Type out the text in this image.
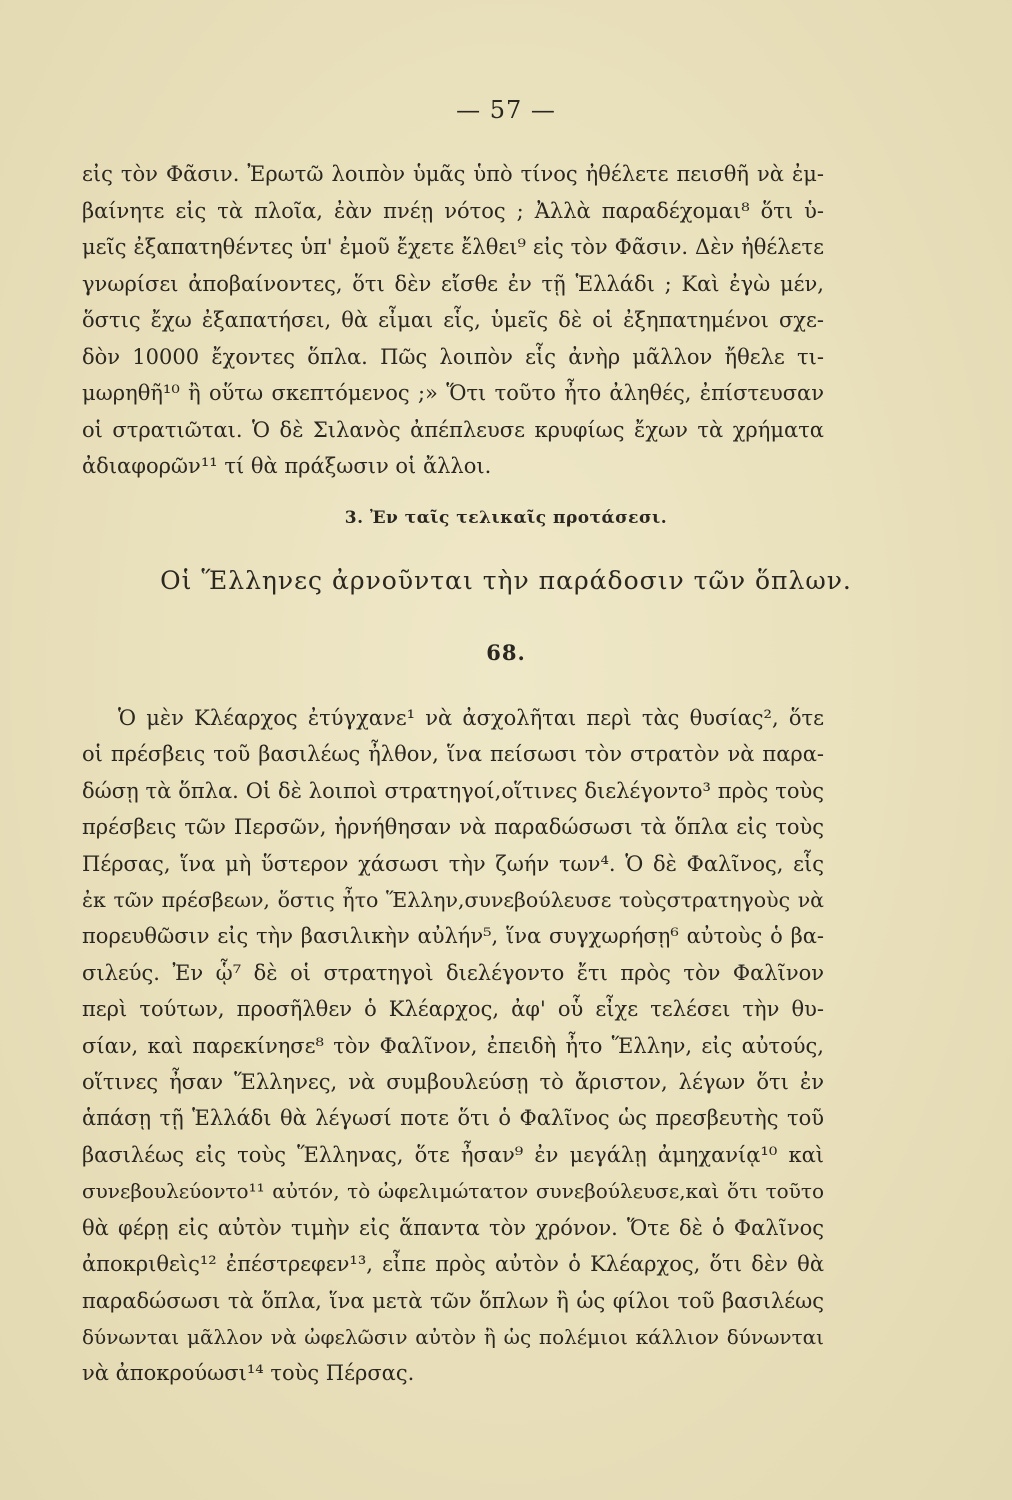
— 57 —

εἰς τὸν Φᾶσιν. Ἐρωτῶ λοιπὸν ὑμᾶς ὑπὸ τίνος ἠθέλετε πεισθῆ νὰ ἐμ-
βαίνητε εἰς τὰ πλοῖα, ἐὰν πνέῃ νότος ; Ἀλλὰ παραδέχομαι⁸ ὅτι ὑ-
μεῖς ἐξαπατηθέντες ὑπ' ἐμοῦ ἔχετε ἔλθει⁹ εἰς τὸν Φᾶσιν. Δὲν ἠθέλετε
γνωρίσει ἀποβαίνοντες, ὅτι δὲν εἴσθε ἐν τῇ Ἑλλάδι ; Καὶ ἐγὼ μέν,
ὅστις ἔχω ἐξαπατήσει, θὰ εἶμαι εἷς, ὑμεῖς δὲ οἱ ἐξηπατημένοι σχε-
δὸν 10000 ἔχοντες ὅπλα. Πῶς λοιπὸν εἷς ἀνὴρ μᾶλλον ἤθελε τι-
μωρηθῆ¹⁰ ἢ οὕτω σκεπτόμενος ;» Ὅτι τοῦτο ἦτο ἀληθές, ἐπίστευσαν
οἱ στρατιῶται. Ὁ δὲ Σιλανὸς ἀπέπλευσε κρυφίως ἔχων τὰ χρήματα
ἀδιαφορῶν¹¹ τί θὰ πράξωσιν οἱ ἄλλοι.

3. Ἐν ταῖς τελικαῖς προτάσεσι.

Οἱ Ἕλληνες ἀρνοῦνται τὴν παράδοσιν τῶν ὅπλων.

68.

Ὁ μὲν Κλέαρχος ἐτύγχανε¹ νὰ ἀσχολῆται περὶ τὰς θυσίας², ὅτε
οἱ πρέσβεις τοῦ βασιλέως ἦλθον, ἵνα πείσωσι τὸν στρατὸν νὰ παρα-
δώσῃ τὰ ὅπλα. Οἱ δὲ λοιποὶ στρατηγοί,οἵτινες διελέγοντο³ πρὸς τοὺς
πρέσβεις τῶν Περσῶν, ἠρνήθησαν νὰ παραδώσωσι τὰ ὅπλα εἰς τοὺς
Πέρσας, ἵνα μὴ ὕστερον χάσωσι τὴν ζωήν των⁴. Ὁ δὲ Φαλῖνος, εἷς
ἐκ τῶν πρέσβεων, ὅστις ἦτο Ἕλλην,συνεβούλευσε τοὺςστρατηγοὺς νὰ
πορευθῶσιν εἰς τὴν βασιλικὴν αὐλήν⁵, ἵνα συγχωρήσῃ⁶ αὐτοὺς ὁ βα-
σιλεύς. Ἐν ᾧ⁷ δὲ οἱ στρατηγοὶ διελέγοντο ἔτι πρὸς τὸν Φαλῖνον
περὶ τούτων, προσῆλθεν ὁ Κλέαρχος, ἀφ' οὗ εἶχε τελέσει τὴν θυ-
σίαν, καὶ παρεκίνησε⁸ τὸν Φαλῖνον, ἐπειδὴ ἦτο Ἕλλην, εἰς αὐτούς,
οἵτινες ἦσαν Ἕλληνες, νὰ συμβουλεύσῃ τὸ ἄριστον, λέγων ὅτι ἐν
ἁπάσῃ τῇ Ἑλλάδι θὰ λέγωσί ποτε ὅτι ὁ Φαλῖνος ὡς πρεσβευτὴς τοῦ
βασιλέως εἰς τοὺς Ἕλληνας, ὅτε ἦσαν⁹ ἐν μεγάλῃ ἀμηχανίᾳ¹⁰ καὶ
συνεβουλεύοντο¹¹ αὐτόν, τὸ ὠφελιμώτατον συνεβούλευσε,καὶ ὅτι τοῦτο
θὰ φέρῃ εἰς αὐτὸν τιμὴν εἰς ἅπαντα τὸν χρόνον. Ὅτε δὲ ὁ Φαλῖνος
ἀποκριθεὶς¹² ἐπέστρεφεν¹³, εἶπε πρὸς αὐτὸν ὁ Κλέαρχος, ὅτι δὲν θὰ
παραδώσωσι τὰ ὅπλα, ἵνα μετὰ τῶν ὅπλων ἢ ὡς φίλοι τοῦ βασιλέως
δύνωνται μᾶλλον νὰ ὠφελῶσιν αὐτὸν ἢ ὡς πολέμιοι κάλλιον δύνωνται
νὰ ἀποκρούωσι¹⁴ τοὺς Πέρσας.
